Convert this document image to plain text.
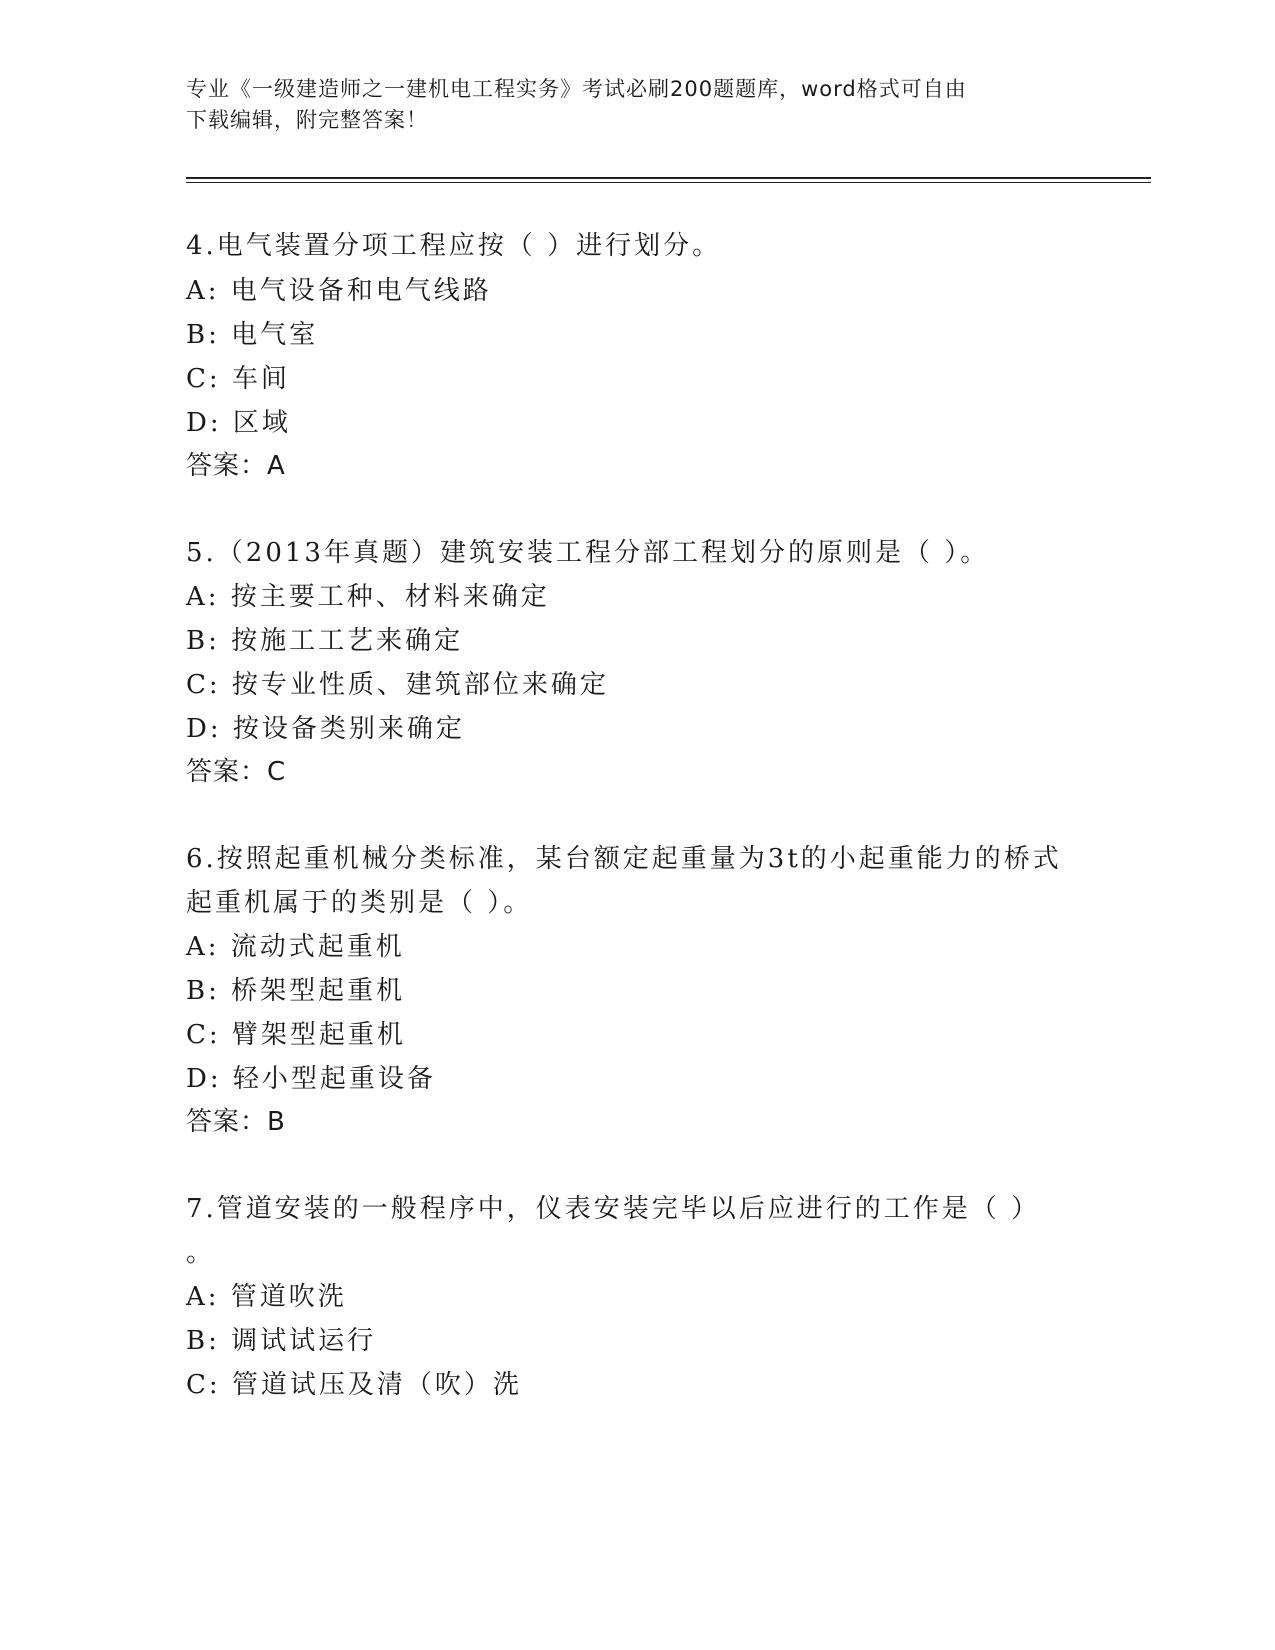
专业《一级建造师之一建机电工程实务》考试必刷200题题库，word格式可自由
下载编辑，附完整答案！
4.电气装置分项工程应按（ ）进行划分。
A: 电气设备和电气线路
B: 电气室
C: 车间
D: 区域
答案：A
5.（2013年真题）建筑安装工程分部工程划分的原则是（ ）。
A: 按主要工种、材料来确定
B: 按施工工艺来确定
C: 按专业性质、建筑部位来确定
D: 按设备类别来确定
答案：C
6.按照起重机械分类标准，某台额定起重量为3t的小起重能力的桥式
起重机属于的类别是（ ）。
A: 流动式起重机
B: 桥架型起重机
C: 臂架型起重机
D: 轻小型起重设备
答案：B
7.管道安装的一般程序中，仪表安装完毕以后应进行的工作是（ ）
。
A: 管道吹洗
B: 调试试运行
C: 管道试压及清（吹）洗
